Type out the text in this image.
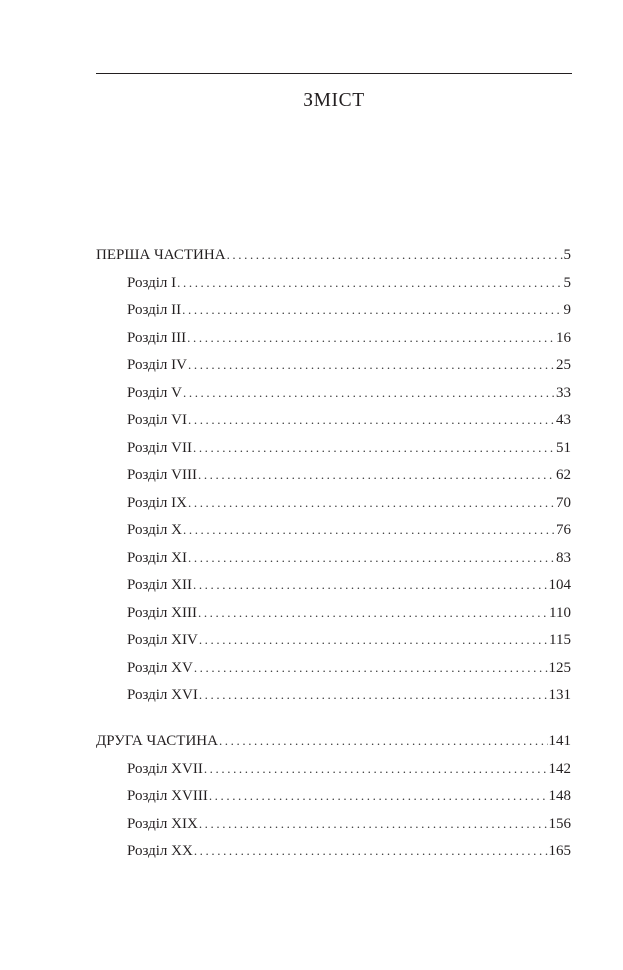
ЗМІСТ
ПЕРША ЧАСТИНА .....	5
Розділ I .....	5
Розділ II .....	9
Розділ III .....	16
Розділ IV .....	25
Розділ V .....	33
Розділ VI .....	43
Розділ VII .....	51
Розділ VIII .....	62
Розділ IX .....	70
Розділ X .....	76
Розділ XI .....	83
Розділ XII .....	104
Розділ XIII .....	110
Розділ XIV .....	115
Розділ XV .....	125
Розділ XVI .....	131
ДРУГА ЧАСТИНА .....	141
Розділ XVII .....	142
Розділ XVIII .....	148
Розділ XIX .....	156
Розділ XX .....	165
